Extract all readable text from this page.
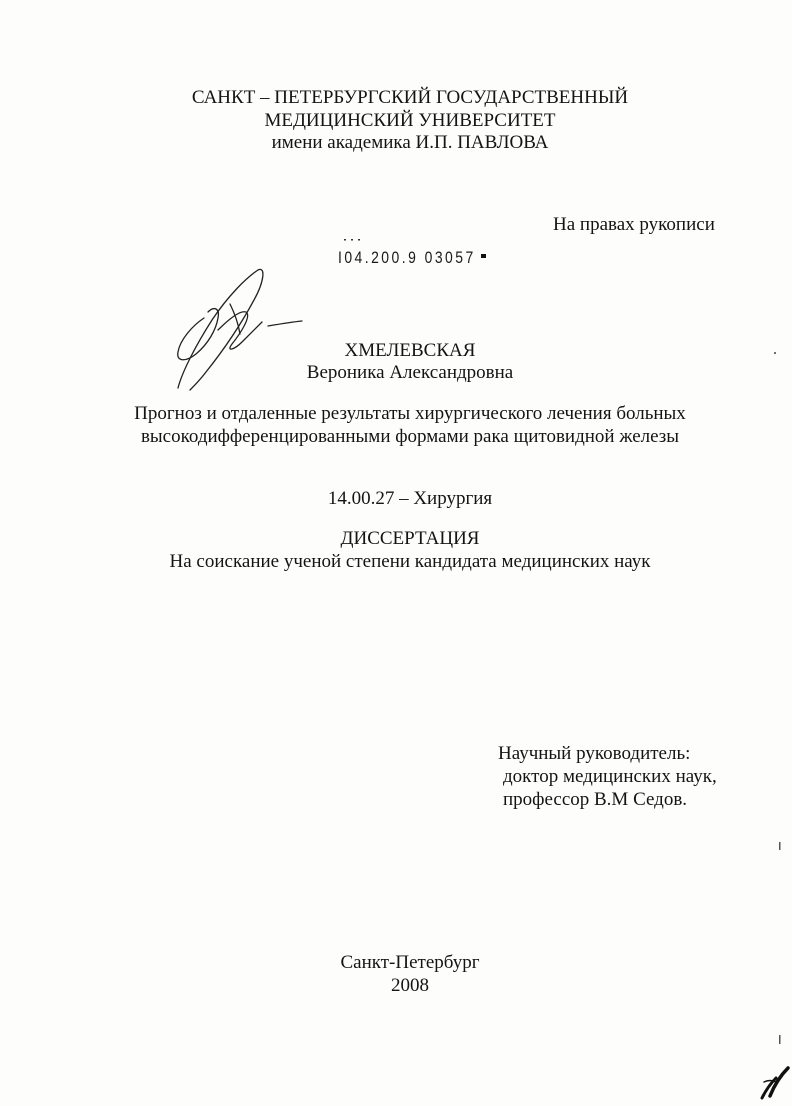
САНКТ – ПЕТЕРБУРГСКИЙ ГОСУДАРСТВЕННЫЙ
МЕДИЦИНСКИЙ УНИВЕРСИТЕТ
имени академика И.П. ПАВЛОВА
На правах рукописи
I04.200.9 03057
ХМЕЛЕВСКАЯ
Вероника Александровна
Прогноз и отдаленные результаты хирургического лечения больных
высокодифференцированными формами рака щитовидной железы
14.00.27 – Хирургия
ДИССЕРТАЦИЯ
На соискание ученой степени кандидата медицинских наук
Научный руководитель:
доктор медицинских наук,
профессор В.М Седов.
Санкт-Петербург
2008
